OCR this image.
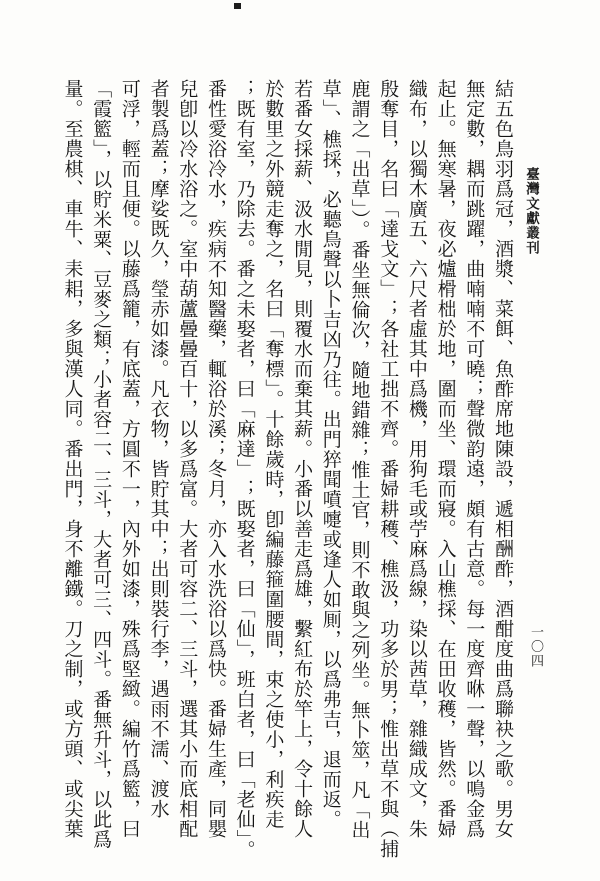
臺灣文獻叢刊
一〇四
結五色鳥羽爲冠，酒漿、菜餌、魚酢席地陳設，遞相酬酢，酒酣度曲爲聯袂之歌。男女
無定數，耦而跳躍，曲喃喃不可曉；聲微韵遠，頗有古意。每一度齊咻一聲，以鳴金爲
起止。無寒暑，夜必爐榾柮於地，圍而坐、環而寢。入山樵採、在田收穫，皆然。番婦
織布，以獨木廣五、六尺者虛其中爲機，用狗毛或苧麻爲線，染以茜草，雜織成文，朱
殷奪目，名曰「達戈文」；各社工拙不齊。番婦耕穫、樵汲，功多於男；惟出草不與（捕
鹿謂之「出草」）。番坐無倫次，隨地錯雜；惟土官，則不敢與之列坐。無卜筮，凡「出
草」、樵採，必聽鳥聲以卜吉凶乃往。出門猝聞噴嚏或逢人如厠，以爲弗吉，退而返。
若番女採薪、汲水閒見，則覆水而棄其薪。小番以善走爲雄，繫紅布於竿上，令十餘人
於數里之外競走奪之，名曰「奪標」。十餘歲時，卽編藤箍圍腰間，束之使小，利疾走
；既有室，乃除去。番之未娶者，曰「麻達」；既娶者，曰「仙」，班白者，曰「老仙」。
番性愛浴冷水，疾病不知醫藥，輒浴於溪；冬月，亦入水洗浴以爲快。番婦生產，同嬰
兒卽以冷水浴之。室中葫蘆曡曡百十，以多爲富。大者可容二、三斗，選其小而底相配
者製爲蓋；摩娑既久，瑩赤如漆。凡衣物，皆貯其中；出則裝行李，遇雨不濡、渡水
可浮，輕而且便。以藤爲籠，有底蓋，方圓不一，內外如漆，殊爲堅緻。編竹爲籃，曰
「霞籃」，以貯米粟、豆麥之類；小者容二、三斗，大者可三、四斗。番無升斗，以此爲
量。至農棋、車牛、耒耜，多與漢人同。番出門，身不離鐵。刀之制，或方頭、或尖葉
